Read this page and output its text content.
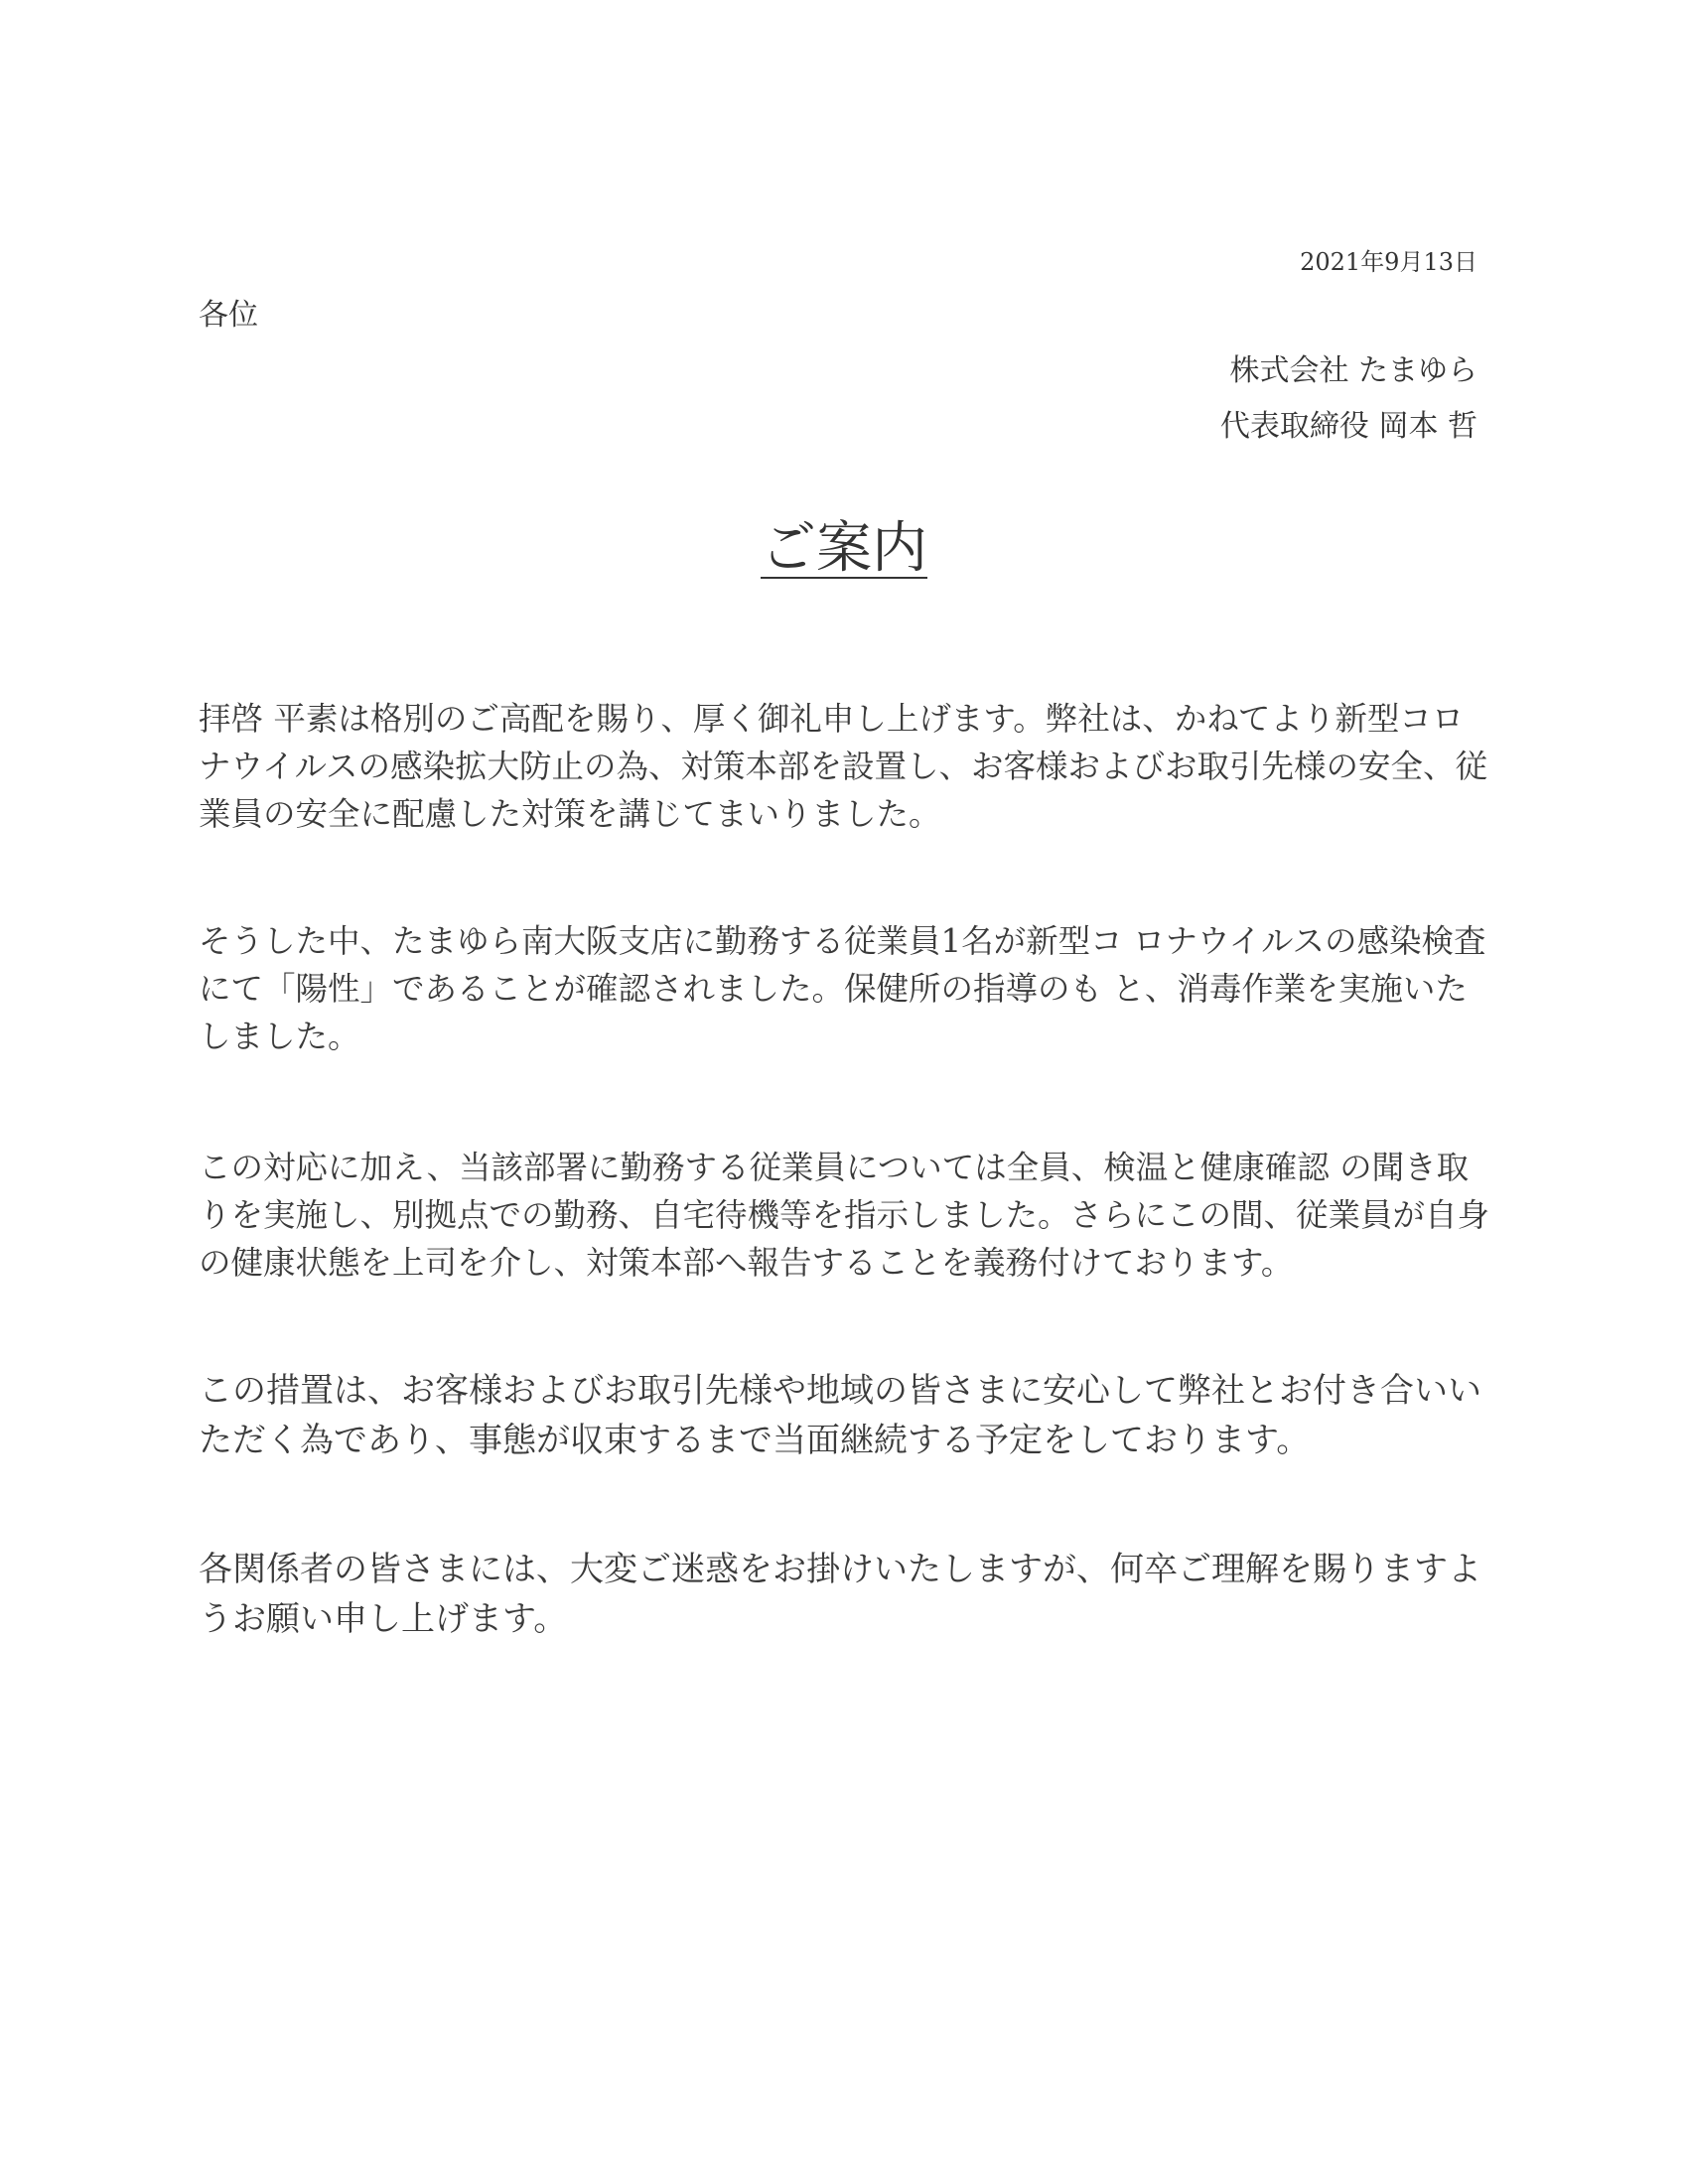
2021年9月13日
各位
株式会社 たまゆら
代表取締役 岡本 哲
ご案内

拝啓 平素は格別のご高配を賜り、厚く御礼申し上げます。弊社は、かねてより新型コロナウイルスの感染拡大防止の為、対策本部を設置し、お客様およびお取引先様の安全、従業員の安全に配慮した対策を講じてまいりました。

そうした中、たまゆら南大阪支店に勤務する従業員1名が新型コ ロナウイルスの感染検査にて「陽性」であることが確認されました。保健所の指導のも と、消毒作業を実施いたしました。

この対応に加え、当該部署に勤務する従業員については全員、検温と健康確認 の聞き取りを実施し、別拠点での勤務、自宅待機等を指示しました。さらにこの間、従業員が自身の健康状態を上司を介し、対策本部へ報告することを義務付けております。

この措置は、お客様およびお取引先様や地域の皆さまに安心して弊社とお付き合いいただく為であり、事態が収束するまで当面継続する予定をしております。

各関係者の皆さまには、大変ご迷惑をお掛けいたしますが、何卒ご理解を賜りますようお願い申し上げます。
